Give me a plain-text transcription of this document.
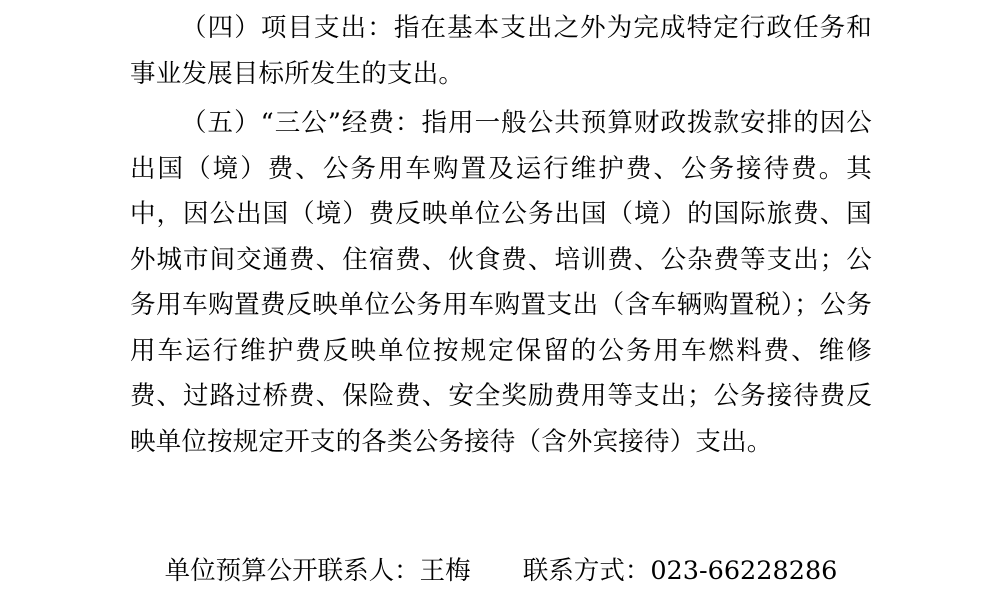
（四）项目支出：指在基本支出之外为完成特定行政任务和事业发展目标所发生的支出。

（五）“三公”经费：指用一般公共预算财政拨款安排的因公出国（境）费、公务用车购置及运行维护费、公务接待费。其中，因公出国（境）费反映单位公务出国（境）的国际旅费、国外城市间交通费、住宿费、伙食费、培训费、公杂费等支出；公务用车购置费反映单位公务用车购置支出（含车辆购置税）；公务用车运行维护费反映单位按规定保留的公务用车燃料费、维修费、过路过桥费、保险费、安全奖励费用等支出；公务接待费反映单位按规定开支的各类公务接待（含外宾接待）支出。

单位预算公开联系人：王梅 联系方式：023-66228286
